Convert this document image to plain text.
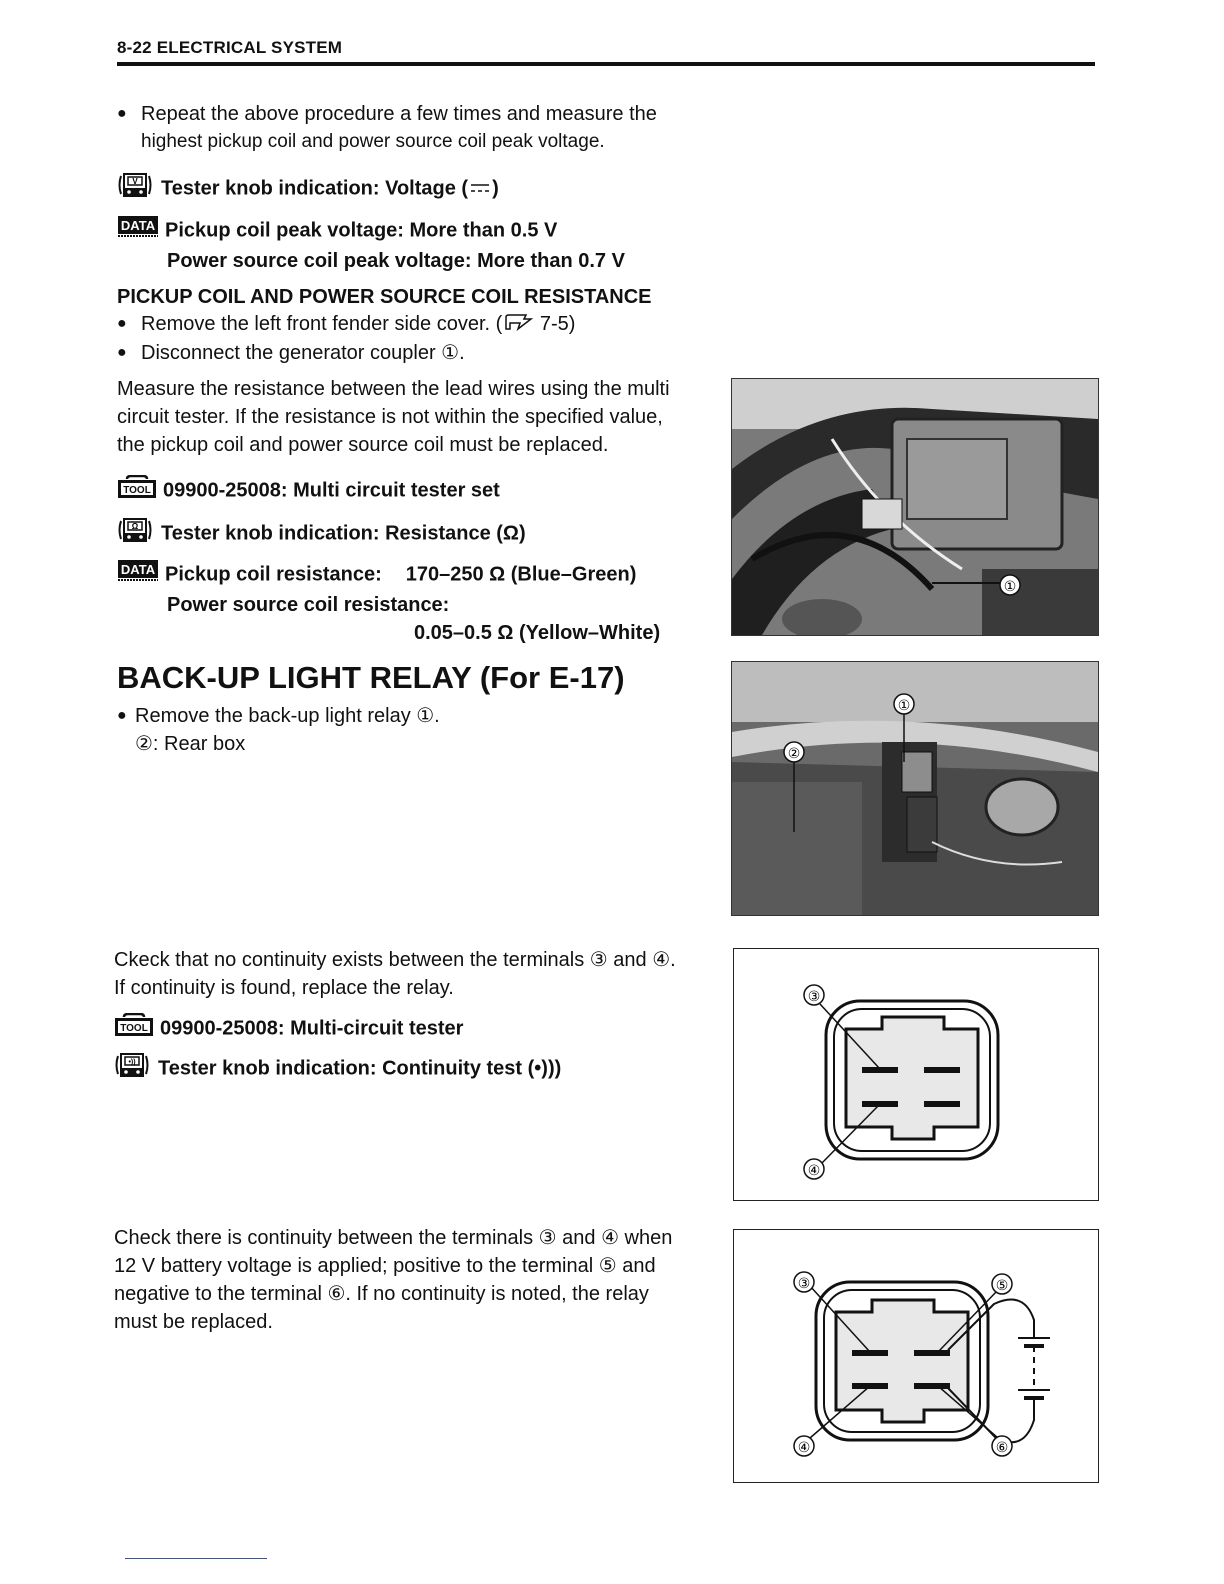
8-22 ELECTRICAL SYSTEM
● Repeat the above procedure a few times and measure the

highest pickup coil and power source coil peak voltage.

V Tester knob indication: Voltage ( )
DATA Pickup coil peak voltage: More than 0.5 V
Power source coil peak voltage: More than 0.7 V
PICKUP COIL AND POWER SOURCE COIL RESISTANCE
● Remove the left front fender side cover. ( 7-5)

● Disconnect the generator coupler ①.

Measure the resistance between the lead wires using the multi

circuit tester. If the resistance is not within the specified value,

the pickup coil and power source coil must be replaced.

TOOL 09900-25008: Multi circuit tester set
Ω Tester knob indication: Resistance (Ω)
DATA Pickup coil resistance: 170–250 Ω (Blue–Green)
Power source coil resistance:
0.05–0.5 Ω (Yellow–White)
BACK-UP LIGHT RELAY (For E-17)
● Remove the back-up light relay ①.

②: Rear box

Ckeck that no continuity exists between the terminals ③ and ④.

If continuity is found, replace the relay.

TOOL 09900-25008: Multi-circuit tester
•)) Tester knob indication: Continuity test (•)))

Check there is continuity between the terminals ③ and ④ when

12 V battery voltage is applied; positive to the terminal ⑤ and

negative to the terminal ⑥. If no continuity is noted, the relay

must be replaced.

①
①
②
③
④
③
④
⑤
⑥
